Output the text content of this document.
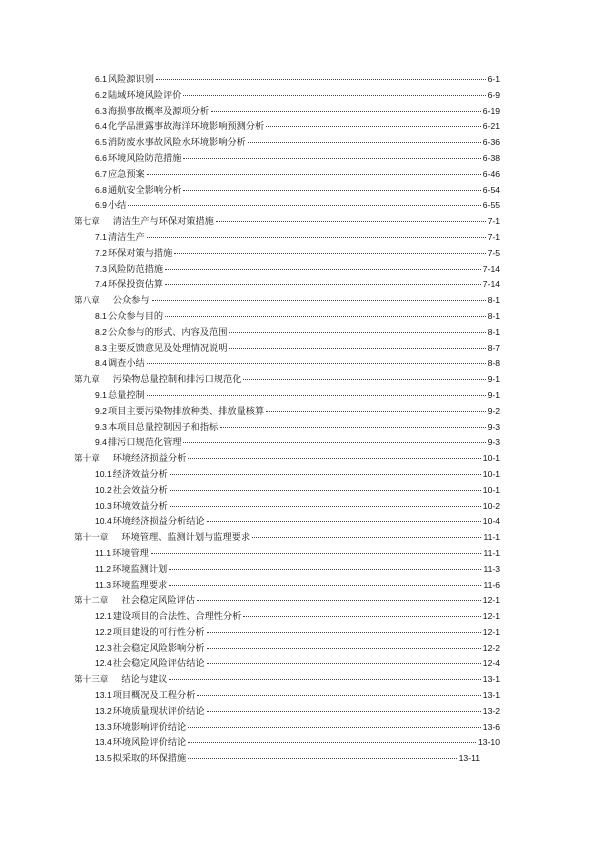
6.1 风险源识别	6-1
6.2 陆域环境风险评价	6-9
6.3 海损事故概率及源项分析	6-19
6.4 化学品泄露事故海洋环境影响预测分析	6-21
6.5 消防废水事故风险水环境影响分析	6-36
6.6 环境风险防范措施	6-38
6.7 应急预案	6-46
6.8 通航安全影响分析	6-54
6.9 小结	6-55
第七章 清洁生产与环保对策措施	7-1
7.1 清洁生产	7-1
7.2 环保对策与措施	7-5
7.3 风险防范措施	7-14
7.4 环保投资估算	7-14
第八章 公众参与	8-1
8.1 公众参与目的	8-1
8.2 公众参与的形式、内容及范围	8-1
8.3 主要反馈意见及处理情况说明	8-7
8.4 调查小结	8-8
第九章 污染物总量控制和排污口规范化	9-1
9.1 总量控制	9-1
9.2 项目主要污染物排放种类、排放量核算	9-2
9.3 本项目总量控制因子和指标	9-3
9.4 排污口规范化管理	9-3
第十章 环境经济损益分析	10-1
10.1 经济效益分析	10-1
10.2 社会效益分析	10-1
10.3 环境效益分析	10-2
10.4 环境经济损益分析结论	10-4
第十一章 环境管理、监测计划与监理要求	11-1
11.1 环境管理	11-1
11.2 环境监测计划	11-3
11.3 环境监理要求	11-6
第十二章 社会稳定风险评估	12-1
12.1 建设项目的合法性、合理性分析	12-1
12.2 项目建设的可行性分析	12-1
12.3 社会稳定风险影响分析	12-2
12.4 社会稳定风险评估结论	12-4
第十三章 结论与建议	13-1
13.1 项目概况及工程分析	13-1
13.2 环境质量现状评价结论	13-2
13.3 环境影响评价结论	13-6
13.4 环境风险评价结论	13-10
13.5 拟采取的环保措施	13-11
